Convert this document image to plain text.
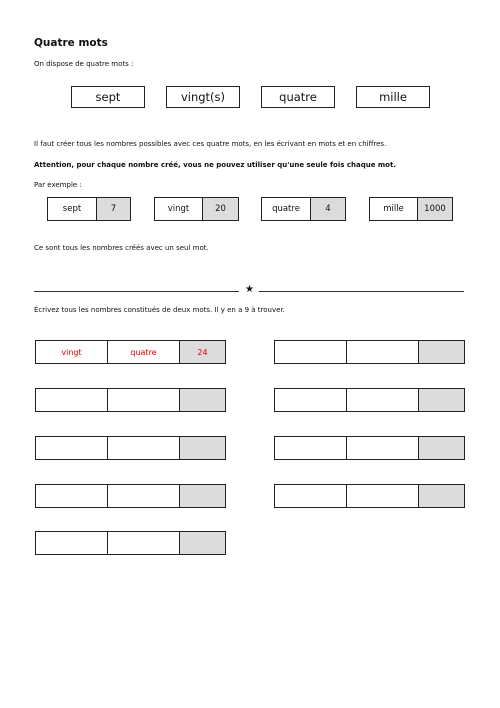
Quatre mots
On dispose de quatre mots :
sept	vingt(s)	quatre	mille
Il faut créer tous les nombres possibles avec ces quatre mots, en les écrivant en mots et en chiffres.
Attention, pour chaque nombre créé, vous ne pouvez utiliser qu'une seule fois chaque mot.
Par exemple :
sept	7	vingt	20	quatre	4	mille	1000
Ce sont tous les nombres créés avec un seul mot.
★
Écrivez tous les nombres constitués de deux mots. Il y en a 9 à trouver.
vingt	quatre	24
